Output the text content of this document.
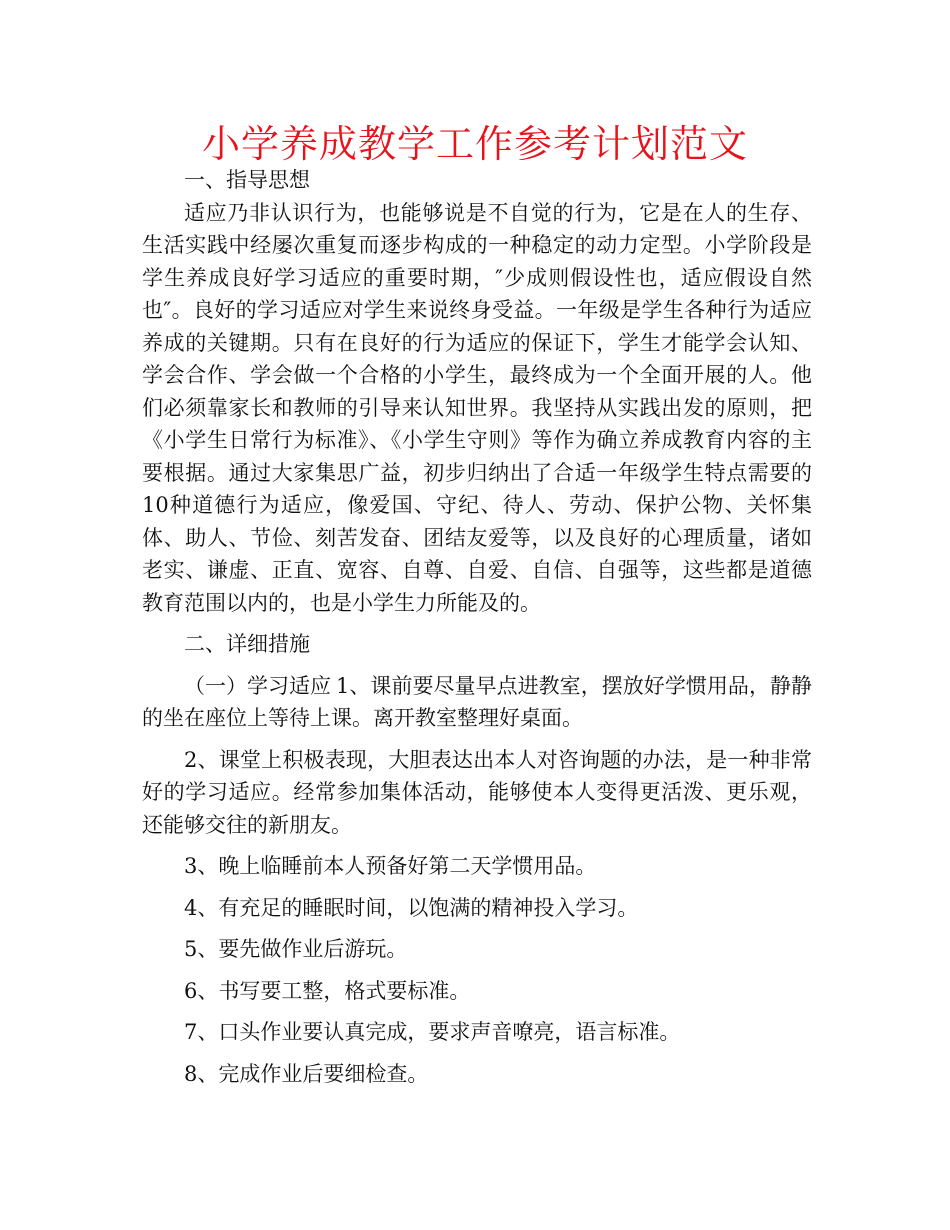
小学养成教学工作参考计划范文

一、指导思想

适应乃非认识行为，也能够说是不自觉的行为，它是在人的生存、生活实践中经屡次重复而逐步构成的一种稳定的动力定型。小学阶段是学生养成良好学习适应的重要时期，″少成则假设性也，适应假设自然也″。良好的学习适应对学生来说终身受益。一年级是学生各种行为适应养成的关键期。只有在良好的行为适应的保证下，学生才能学会认知、学会合作、学会做一个合格的小学生，最终成为一个全面开展的人。他们必须靠家长和教师的引导来认知世界。我坚持从实践出发的原则，把《小学生日常行为标准》、《小学生守则》等作为确立养成教育内容的主要根据。通过大家集思广益，初步归纳出了合适一年级学生特点需要的10种道德行为适应，像爱国、守纪、待人、劳动、保护公物、关怀集体、助人、节俭、刻苦发奋、团结友爱等，以及良好的心理质量，诸如老实、谦虚、正直、宽容、自尊、自爱、自信、自强等，这些都是道德教育范围以内的，也是小学生力所能及的。

二、详细措施

（一）学习适应 1、课前要尽量早点进教室，摆放好学惯用品，静静的坐在座位上等待上课。离开教室整理好桌面。

2、课堂上积极表现，大胆表达出本人对咨询题的办法，是一种非常好的学习适应。经常参加集体活动，能够使本人变得更活泼、更乐观，还能够交往的新朋友。

3、晚上临睡前本人预备好第二天学惯用品。

4、有充足的睡眠时间，以饱满的精神投入学习。

5、要先做作业后游玩。

6、书写要工整，格式要标准。

7、口头作业要认真完成，要求声音嘹亮，语言标准。

8、完成作业后要细检查。
